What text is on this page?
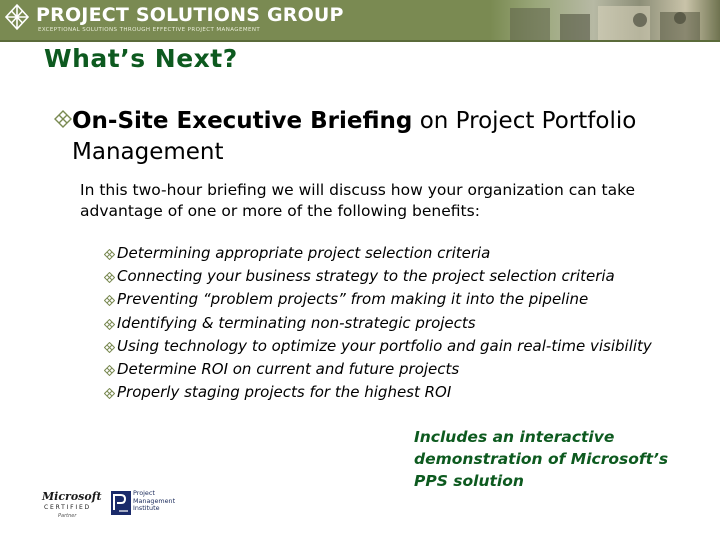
PROJECT SOLUTIONS GROUP
EXCEPTIONAL SOLUTIONS THROUGH EFFECTIVE PROJECT MANAGEMENT
What’s Next?
On-Site Executive Briefing on Project Portfolio Management
In this two-hour briefing we will discuss how your organization can take advantage of one or more of the following benefits:
Determining appropriate project selection criteria
Connecting your business strategy to the project selection criteria
Preventing “problem projects” from making it into the pipeline
Identifying & terminating non-strategic projects
Using technology to optimize your portfolio and gain real-time visibility
Determine ROI on current and future projects
Properly staging projects for the highest ROI
Includes an interactive demonstration of Microsoft’s PPS solution
Microsoft
CERTIFIED
Partner
Project
Management
Institute
